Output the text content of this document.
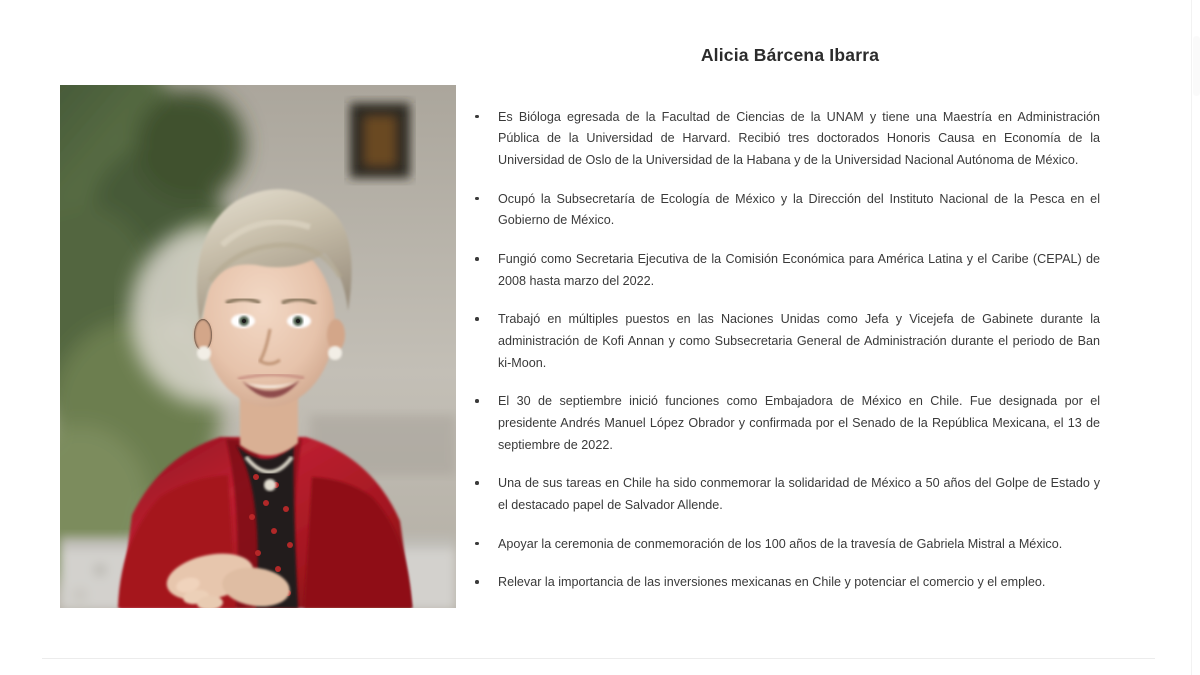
Alicia Bárcena Ibarra
Es Bióloga egresada de la Facultad de Ciencias de la UNAM y tiene una Maestría en Administración Pública de la Universidad de Harvard. Recibió tres doctorados Honoris Causa en Economía de la Universidad de Oslo de la Universidad de la Habana y de la Universidad Nacional Autónoma de México.
Ocupó la Subsecretaría de Ecología de México y la Dirección del Instituto Nacional de la Pesca en el Gobierno de México.
Fungió como Secretaria Ejecutiva de la Comisión Económica para América Latina y el Caribe (CEPAL) de 2008 hasta marzo del 2022.
Trabajó en múltiples puestos en las Naciones Unidas como Jefa y Vicejefa de Gabinete durante la administración de Kofi Annan y como Subsecretaria General de Administración durante el periodo de Ban ki-Moon.
El 30 de septiembre inició funciones como Embajadora de México en Chile. Fue designada por el presidente Andrés Manuel López Obrador y confirmada por el Senado de la República Mexicana, el 13 de septiembre de 2022.
Una de sus tareas en Chile ha sido conmemorar la solidaridad de México a 50 años del Golpe de Estado y el destacado papel de Salvador Allende.
Apoyar la ceremonia de conmemoración de los 100 años de la travesía de Gabriela Mistral a México.
Relevar la importancia de las inversiones mexicanas en Chile y potenciar el comercio y el empleo.
